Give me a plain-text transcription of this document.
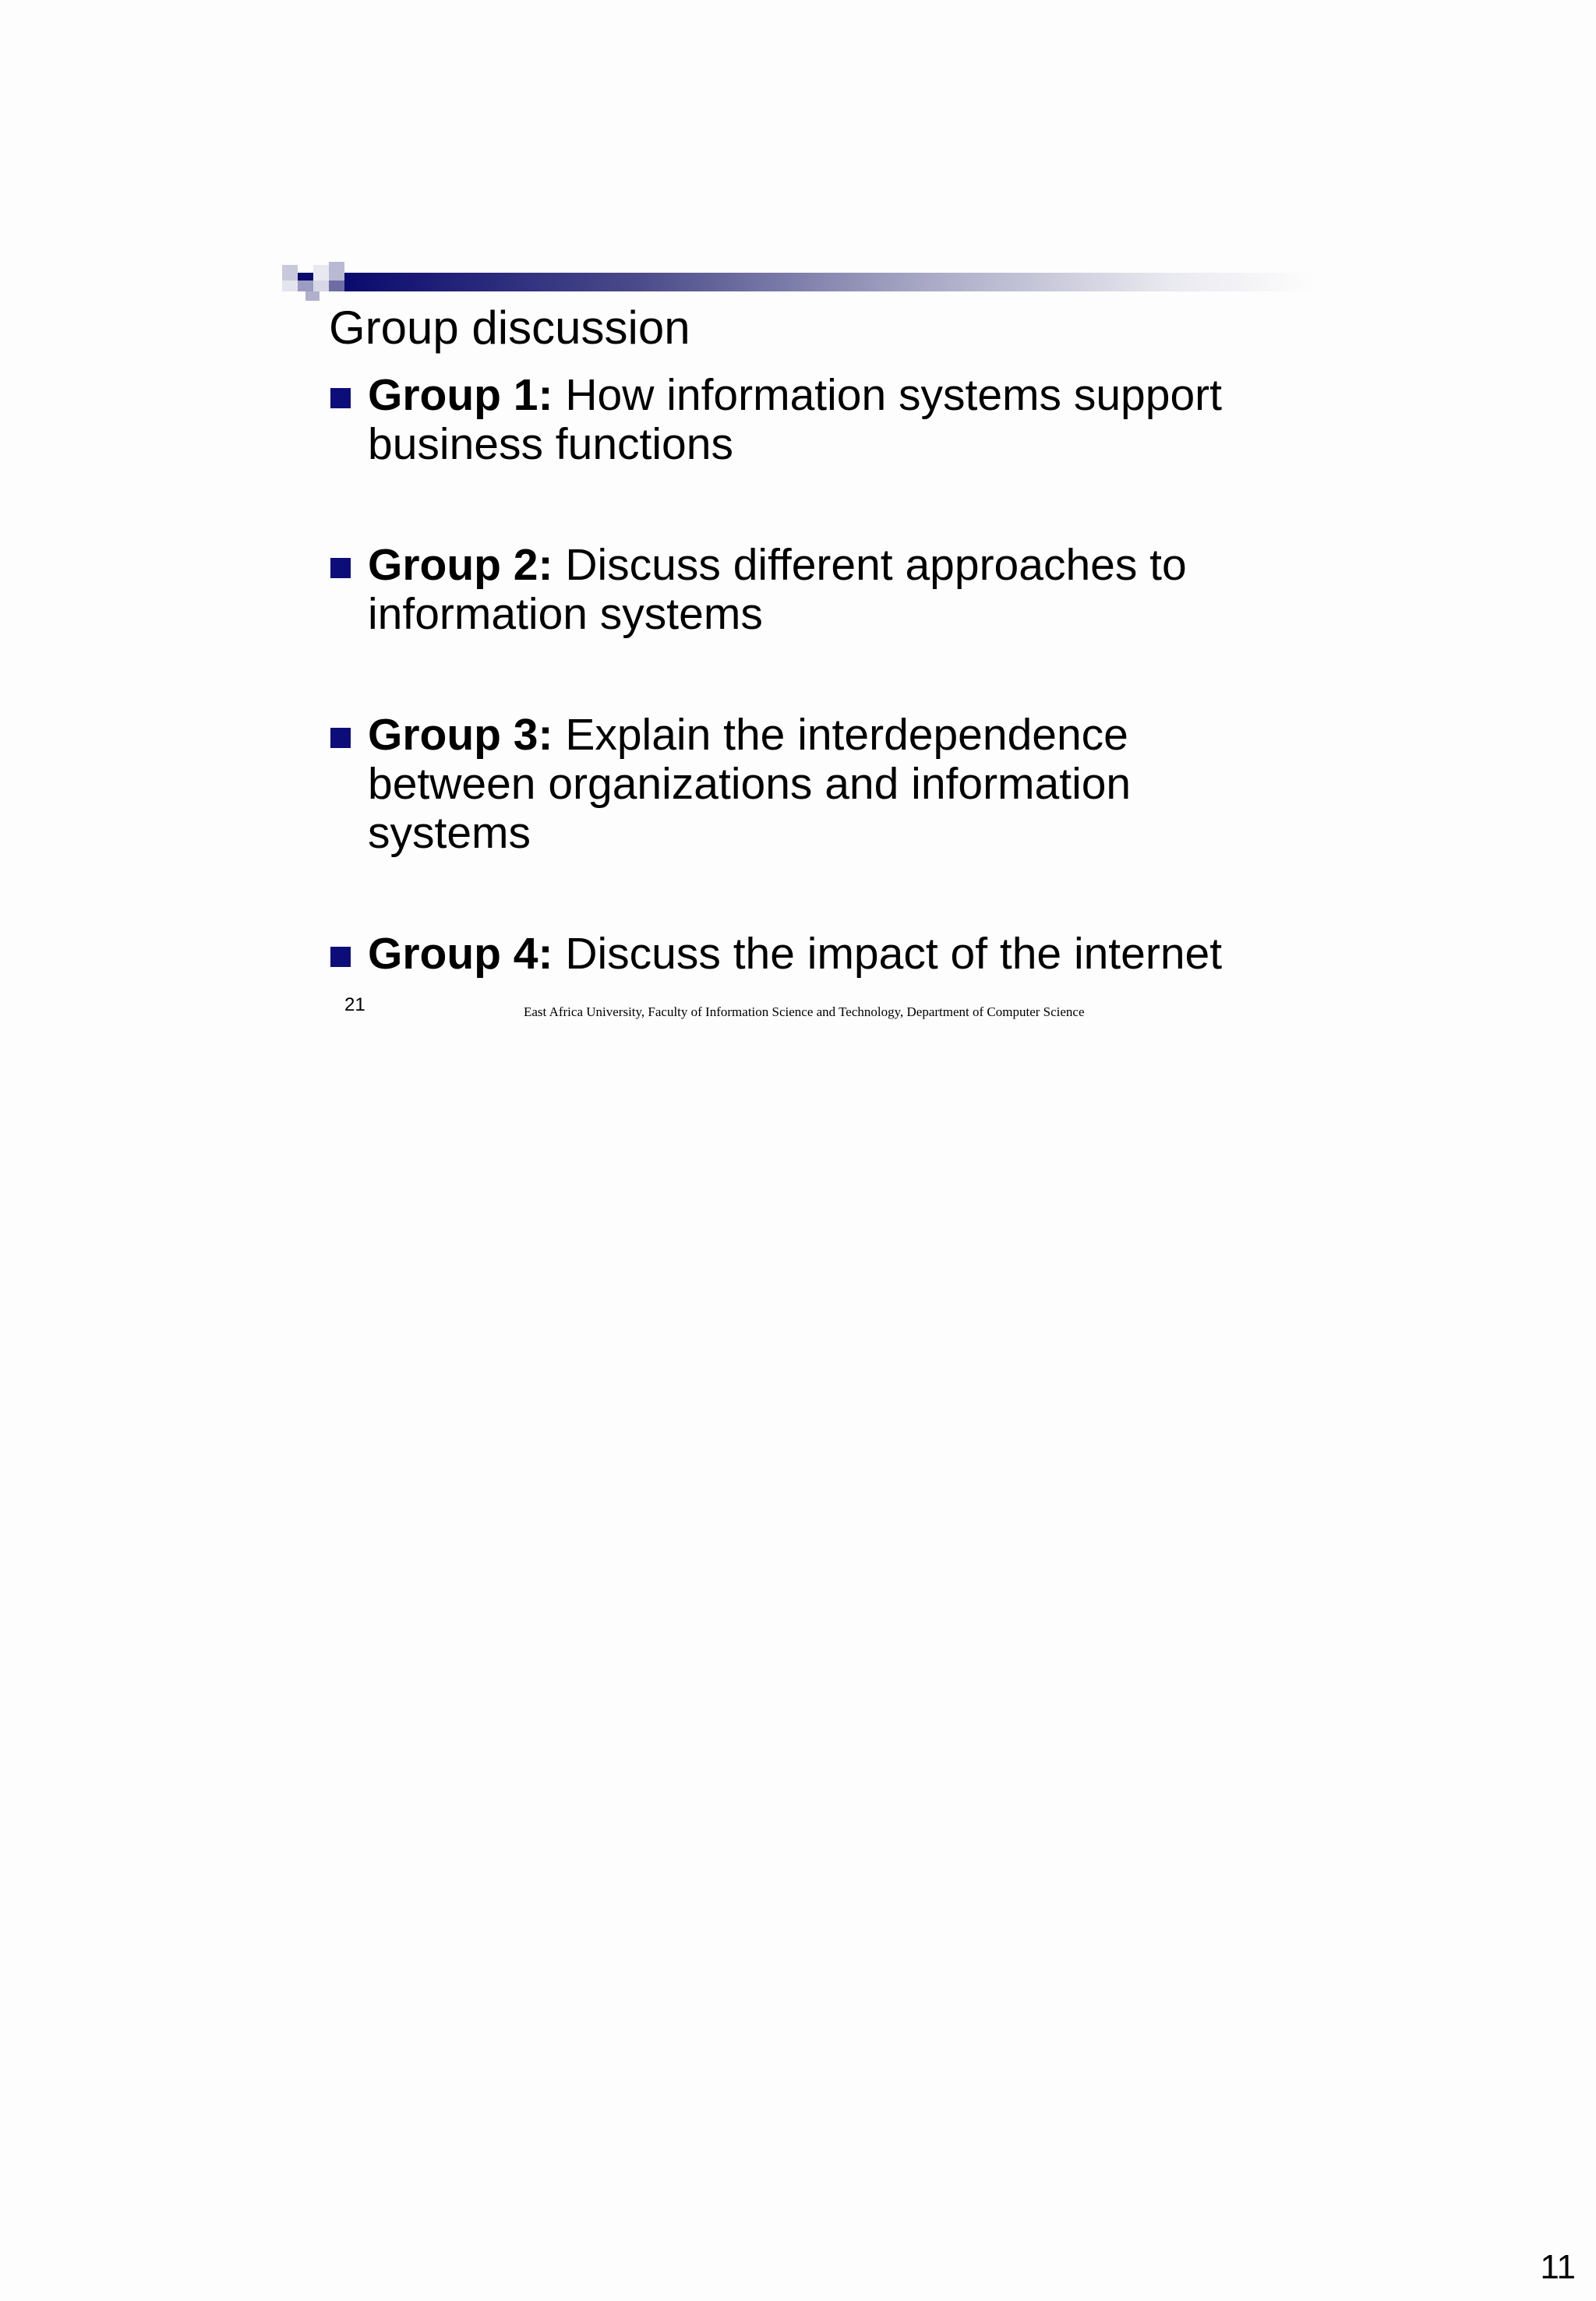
Group discussion
Group 1: How information systems support business functions
Group 2: Discuss different approaches to information systems
Group 3: Explain the interdependence between organizations and information systems
Group 4: Discuss the impact of the internet
21	East Africa University, Faculty of Information Science and Technology, Department of Computer Science
11
